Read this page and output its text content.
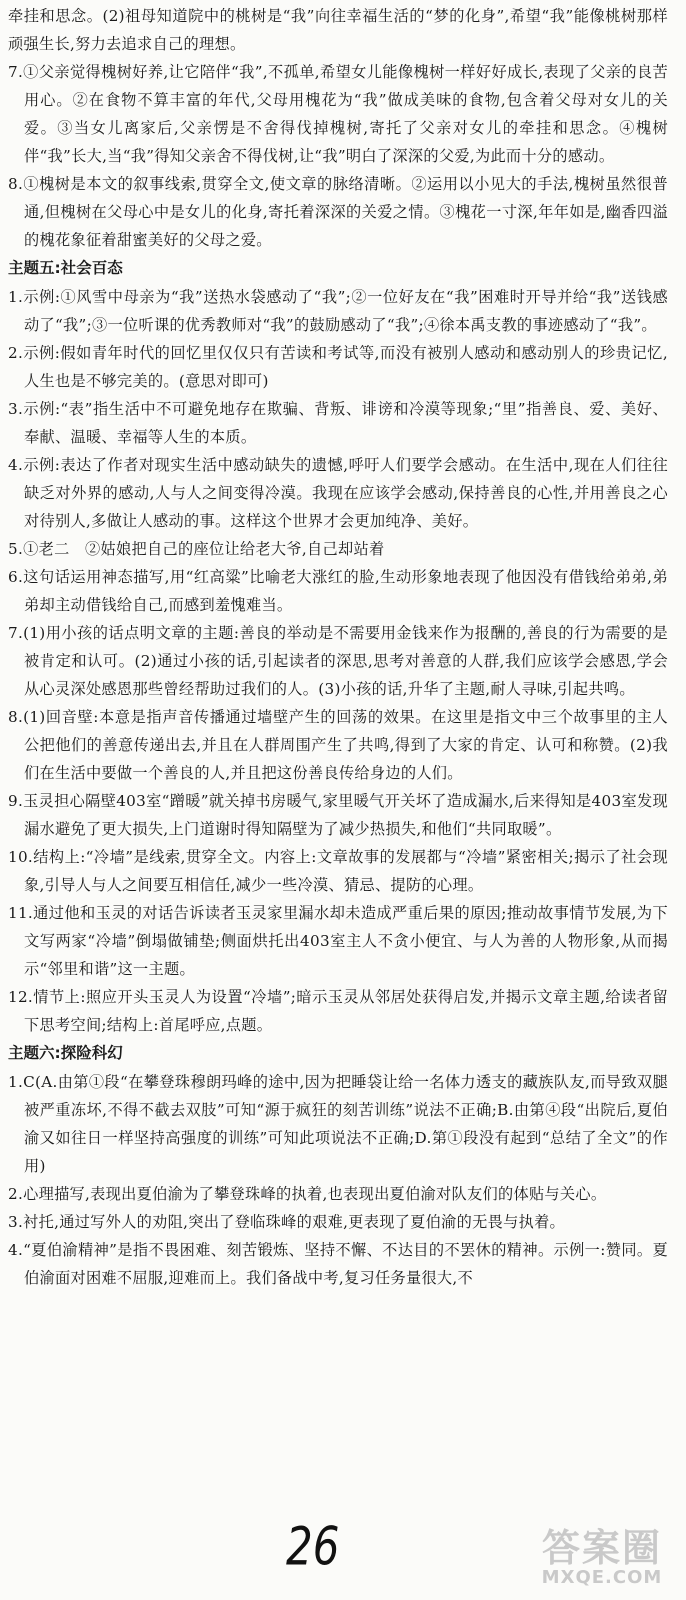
牵挂和思念。(2)祖母知道院中的桃树是“我”向往幸福生活的“梦的化身”,希望“我”能像桃树那样顽强生长,努力去追求自己的理想。

7.①父亲觉得槐树好养,让它陪伴“我”,不孤单,希望女儿能像槐树一样好好成长,表现了父亲的良苦用心。②在食物不算丰富的年代,父母用槐花为“我”做成美味的食物,包含着父母对女儿的关爱。③当女儿离家后,父亲愣是不舍得伐掉槐树,寄托了父亲对女儿的牵挂和思念。④槐树伴“我”长大,当“我”得知父亲舍不得伐树,让“我”明白了深深的父爱,为此而十分的感动。

8.①槐树是本文的叙事线索,贯穿全文,使文章的脉络清晰。②运用以小见大的手法,槐树虽然很普通,但槐树在父母心中是女儿的化身,寄托着深深的关爱之情。③槐花一寸深,年年如是,幽香四溢的槐花象征着甜蜜美好的父母之爱。

主题五:社会百态

1.示例:①风雪中母亲为“我”送热水袋感动了“我”;②一位好友在“我”困难时开导并给“我”送钱感动了“我”;③一位听课的优秀教师对“我”的鼓励感动了“我”;④徐本禹支教的事迹感动了“我”。

2.示例:假如青年时代的回忆里仅仅只有苦读和考试等,而没有被别人感动和感动别人的珍贵记忆,人生也是不够完美的。(意思对即可)

3.示例:“表”指生活中不可避免地存在欺骗、背叛、诽谤和冷漠等现象;“里”指善良、爱、美好、奉献、温暖、幸福等人生的本质。

4.示例:表达了作者对现实生活中感动缺失的遗憾,呼吁人们要学会感动。在生活中,现在人们往往缺乏对外界的感动,人与人之间变得冷漠。我现在应该学会感动,保持善良的心性,并用善良之心对待别人,多做让人感动的事。这样这个世界才会更加纯净、美好。

5.①老二　②姑娘把自己的座位让给老大爷,自己却站着

6.这句话运用神态描写,用“红高粱”比喻老大涨红的脸,生动形象地表现了他因没有借钱给弟弟,弟弟却主动借钱给自己,而感到羞愧难当。

7.(1)用小孩的话点明文章的主题:善良的举动是不需要用金钱来作为报酬的,善良的行为需要的是被肯定和认可。(2)通过小孩的话,引起读者的深思,思考对善意的人群,我们应该学会感恩,学会从心灵深处感恩那些曾经帮助过我们的人。(3)小孩的话,升华了主题,耐人寻味,引起共鸣。

8.(1)回音壁:本意是指声音传播通过墙壁产生的回荡的效果。在这里是指文中三个故事里的主人公把他们的善意传递出去,并且在人群周围产生了共鸣,得到了大家的肯定、认可和称赞。(2)我们在生活中要做一个善良的人,并且把这份善良传给身边的人们。

9.玉灵担心隔壁403室“蹭暖”就关掉书房暖气,家里暖气开关坏了造成漏水,后来得知是403室发现漏水避免了更大损失,上门道谢时得知隔壁为了减少热损失,和他们“共同取暖”。

10.结构上:“冷墙”是线索,贯穿全文。内容上:文章故事的发展都与“冷墙”紧密相关;揭示了社会现象,引导人与人之间要互相信任,减少一些冷漠、猜忌、提防的心理。

11.通过他和玉灵的对话告诉读者玉灵家里漏水却未造成严重后果的原因;推动故事情节发展,为下文写两家“冷墙”倒塌做铺垫;侧面烘托出403室主人不贪小便宜、与人为善的人物形象,从而揭示“邻里和谐”这一主题。

12.情节上:照应开头玉灵人为设置“冷墙”;暗示玉灵从邻居处获得启发,并揭示文章主题,给读者留下思考空间;结构上:首尾呼应,点题。

主题六:探险科幻

1.C(A.由第①段“在攀登珠穆朗玛峰的途中,因为把睡袋让给一名体力透支的藏族队友,而导致双腿被严重冻坏,不得不截去双肢”可知“源于疯狂的刻苦训练”说法不正确;B.由第④段“出院后,夏伯渝又如往日一样坚持高强度的训练”可知此项说法不正确;D.第①段没有起到“总结了全文”的作用)

2.心理描写,表现出夏伯渝为了攀登珠峰的执着,也表现出夏伯渝对队友们的体贴与关心。

3.衬托,通过写外人的劝阻,突出了登临珠峰的艰难,更表现了夏伯渝的无畏与执着。

4.“夏伯渝精神”是指不畏困难、刻苦锻炼、坚持不懈、不达目的不罢休的精神。示例一:赞同。夏伯渝面对困难不屈服,迎难而上。我们备战中考,复习任务量很大,不

26	答案圈
MXQE.COM
